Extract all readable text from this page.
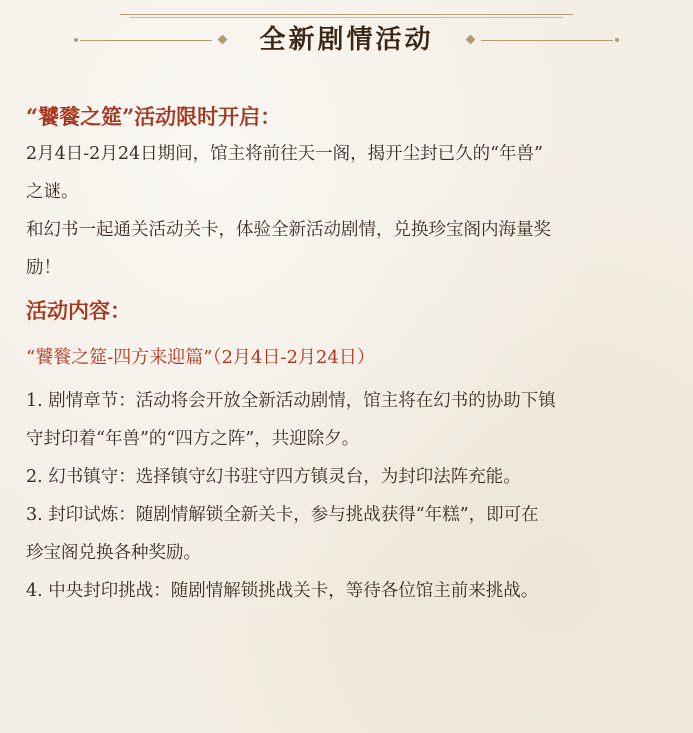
全新剧情活动
“饕餮之筵”活动限时开启：

2月4日-2月24日期间，馆主将前往天一阁，揭开尘封已久的“年兽”

之谜。

和幻书一起通关活动关卡，体验全新活动剧情，兑换珍宝阁内海量奖

励！

活动内容：
“饕餮之筵-四方来迎篇”（2月4日-2月24日）

1. 剧情章节：活动将会开放全新活动剧情，馆主将在幻书的协助下镇

守封印着“年兽”的“四方之阵”，共迎除夕。

2. 幻书镇守：选择镇守幻书驻守四方镇灵台，为封印法阵充能。

3. 封印试炼：随剧情解锁全新关卡，参与挑战获得“年糕”，即可在

珍宝阁兑换各种奖励。

4. 中央封印挑战：随剧情解锁挑战关卡，等待各位馆主前来挑战。
